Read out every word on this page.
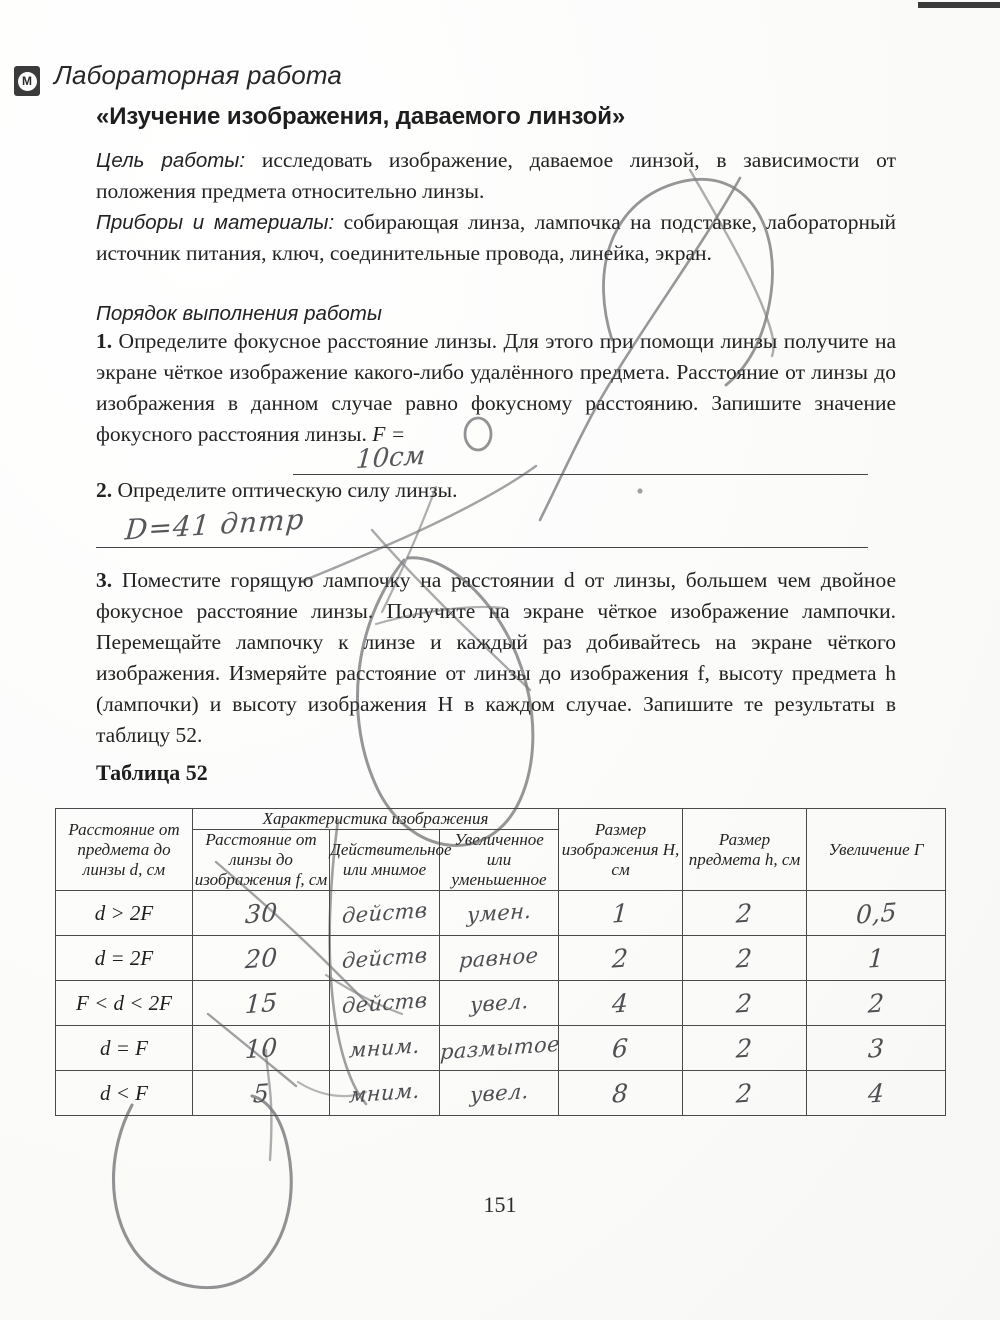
M Лабораторная работа
«Изучение изображения, даваемого линзой»
Цель работы: исследовать изображение, даваемое линзой, в зависимости от положения предмета относительно линзы.
Приборы и материалы: собирающая линза, лампочка на подставке, лабораторный источник питания, ключ, соединительные провода, линейка, экран.
Порядок выполнения работы
1. Определите фокусное расстояние линзы. Для этого при помощи линзы получите на экране чёткое изображение какого-либо удалённого предмета. Расстояние от линзы до изображения в данном случае равно фокусному расстоянию. Запишите значение фокусного расстояния линзы. F =
2. Определите оптическую силу линзы.
3. Поместите горящую лампочку на расстоянии d от линзы, большем чем двойное фокусное расстояние линзы. Получите на экране чёткое изображение лампочки. Перемещайте лампочку к линзе и каждый раз добивайтесь на экране чёткого изображения. Измеряйте расстояние от линзы до изображения f, высоту предмета h (лампочки) и высоту изображения H в каждом случае. Запишите те результаты в таблицу 52.
10см
D=41 дптр
Таблица 52
Расстояние от предмета до линзы d, см	Характеристика изображения			Размер изображения H, см	Размер предмета h, см	Увеличение Г
	Расстояние от линзы до изображения f, см	Действительное или мнимое	Увеличенное или уменьшенное			
d > 2F	30	действ	умен.	1	2	0,5
d = 2F	20	действ	равное	2	2	1
F < d < 2F	15	действ	увел.	4	2	2
d = F	10	мним.	размытое	6	2	3
d < F	5	мним.	увел.	8	2	4
151
